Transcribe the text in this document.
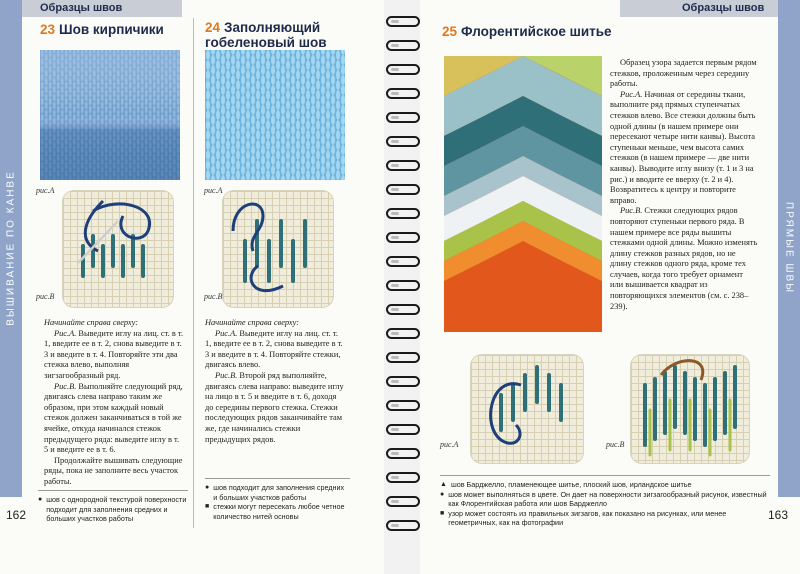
Образцы швов
ВЫШИВАНИЕ ПО КАНВЕ
23 Шов кирпичики
рис.A
рис.B

Начинайте справа сверху:

Рис.А. Выведите иглу на лиц. ст. в т. 1, введите ее в т. 2, снова выведите в т. 3 и введите в т. 4. Повторяйте эти два стежка влево, выполняя зигзагообразный ряд.

Рис.В. Выполняйте следующий ряд, двигаясь слева направо таким же образом, при этом каждый новый стежок должен заканчиваться в той же ячейке, откуда начинался стежок предыдущего ряда: выведите иглу в т. 5 и введите ее в т. 6.

Продолжайте вышивать следующие ряды, пока не заполните весь участок работы.

● шов с однородной текстурой поверхности подходит для заполнения средних и больших участков работы
24 Заполняющий
гобеленовый шов
рис.A
рис.B

Начинайте справа сверху:

Рис.А. Выведите иглу на лиц. ст. т. 1, введите ее в т. 2, снова выведите в т. 3 и введите в т. 4. Повторяйте стежки, двигаясь влево.

Рис.В. Второй ряд выполняйте, двигаясь слева направо: выведите иглу на лицо в т. 5 и введите в т. 6, доходя до середины первого стежка. Стежки последующих рядов заканчивайте там же, где начинались стежки предыдущих рядов.

● шов подходит для заполнения средних и больших участков работы
■ стежки могут пересекать любое четное количество нитей основы
162
Образцы швов
ПРЯМЫЕ ШВЫ
25 Флорентийское шитье

Образец узора задается первым рядом стежков, проложенным через середину работы.

Рис.А. Начиная от середины ткани, выполните ряд прямых ступенчатых стежков влево. Все стежки должны быть одной длины (в нашем примере они пересекают четыре нити канвы). Высота ступеньки меньше, чем высота самих стежков (в нашем примере — две нити канвы). Выводите иглу внизу (т. 1 и 3 на рис.) и вводите ее вверху (т. 2 и 4). Возвратитесь к центру и повторите вправо.

Рис.В. Стежки следующих рядов повторяют ступеньки первого ряда. В нашем примере все ряды вышиты стежками одной длины. Можно изменять длину стежков разных рядов, но не длину стежков одного ряда, кроме тех случаев, когда того требует орнамент или вышивается квадрат из повторяющихся элементов (см. с. 238–239).

рис.A	рис.B
▲ шов Барджелло, пламенеющее шитье, плоский шов, ирландское шитье
● шов может выполняться в цвете. Он дает на поверхности зигзагообразный рисунок, известный как Флорентийская работа или шов Барджелло
■ узор может состоять из правильных зигзагов, как показано на рисунках, или менее геометричных, как на фотографии
163
